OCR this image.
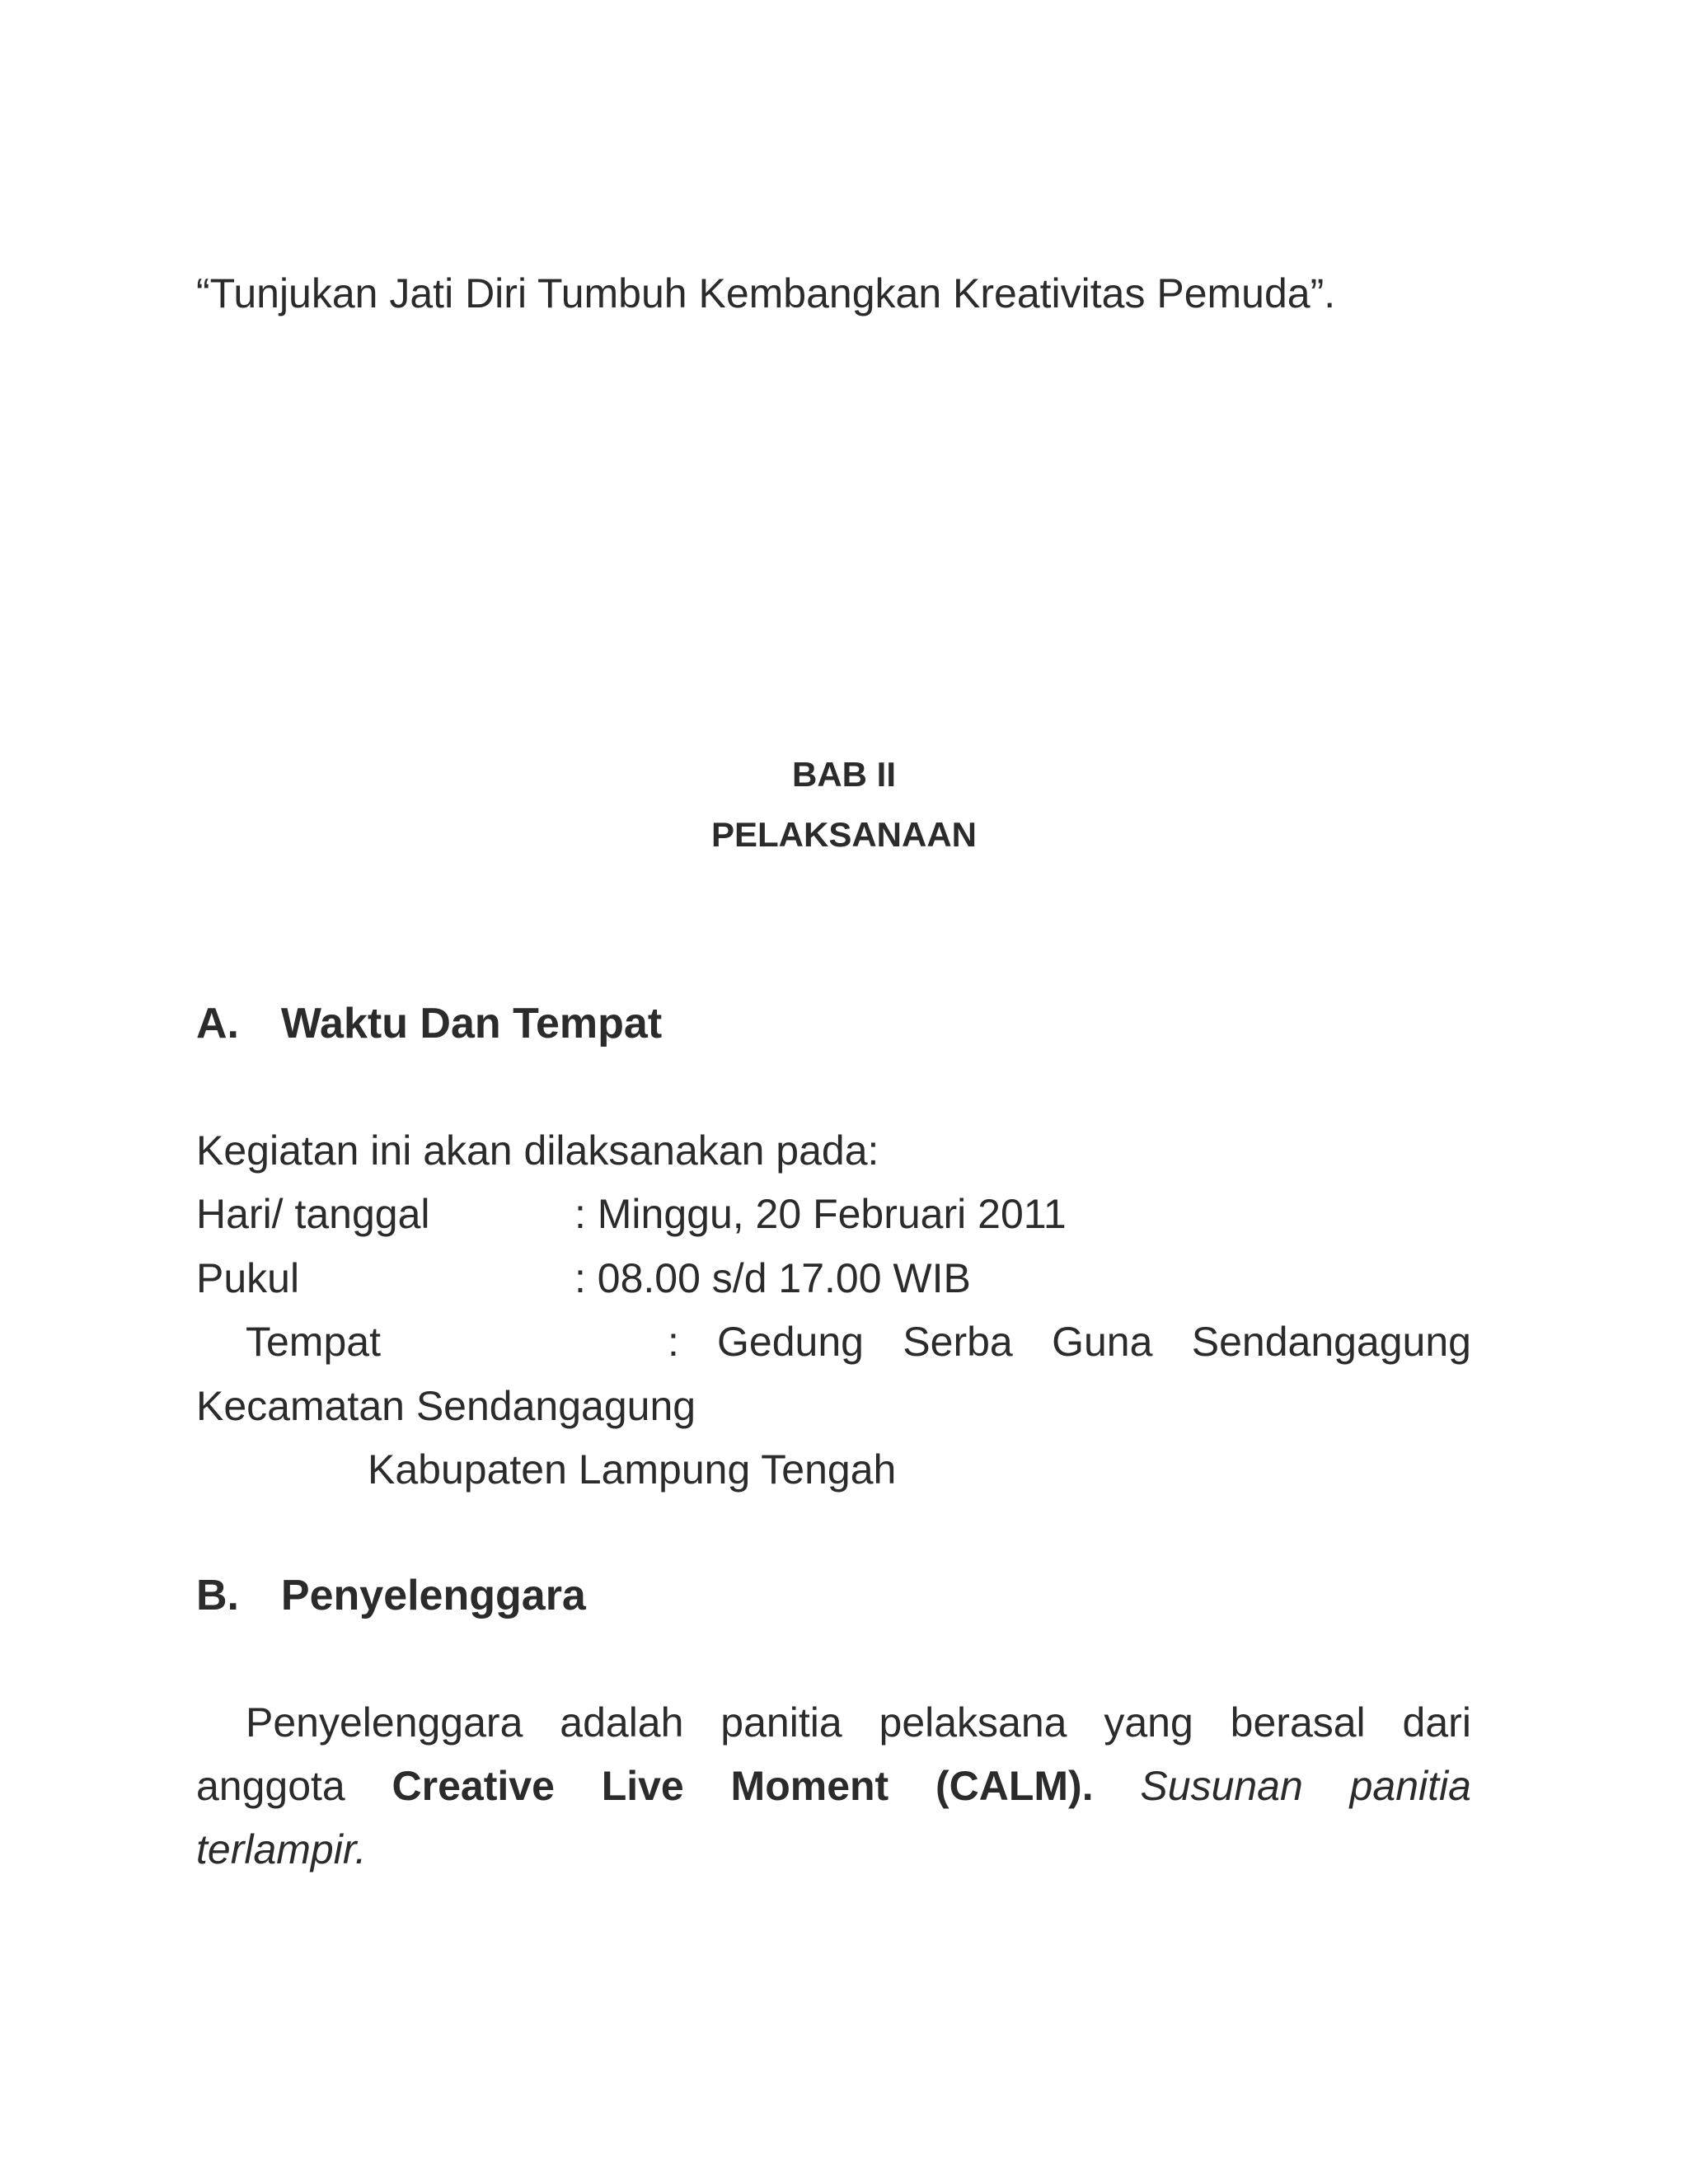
“Tunjukan Jati Diri Tumbuh Kembangkan Kreativitas Pemuda”.
BAB II
PELAKSANAAN
A. Waktu Dan Tempat
Kegiatan ini akan dilaksanakan pada:
Hari/ tanggal	: Minggu, 20 Februari 2011
Pukul	: 08.00 s/d 17.00 WIB
Tempat	: Gedung Serba Guna Sendangagung
Kecamatan Sendangagung
Kabupaten Lampung Tengah
B. Penyelenggara
Penyelenggara adalah panitia pelaksana yang berasal dari
anggota Creative Live Moment (CALM). Susunan panitia
terlampir.
